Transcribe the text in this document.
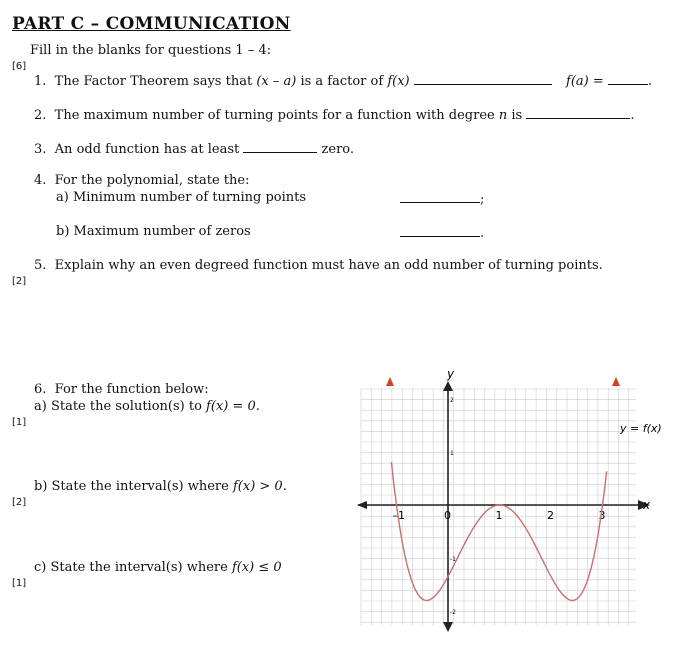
PART C – COMMUNICATION
Fill in the blanks for questions 1 – 4:
[6]
1. The Factor Theorem says that (x – a) is a factor of f(x)	f(a) =	.
2. The maximum number of turning points for a function with degree n is	.
3. An odd function has at least	zero.
4. For the polynomial, state the:
a) Minimum number of turning points	;
b) Maximum number of zeros	.
5. Explain why an even degreed function must have an odd number of turning points.
[2]
6. For the function below:
a) State the solution(s) to f(x) = 0.
[1]
b) State the interval(s) where f(x) > 0.
[2]
c) State the interval(s) where f(x) ≤ 0
[1]
x
y
–1	0	1	2	3
2
1
-1
-2
y = f(x)
